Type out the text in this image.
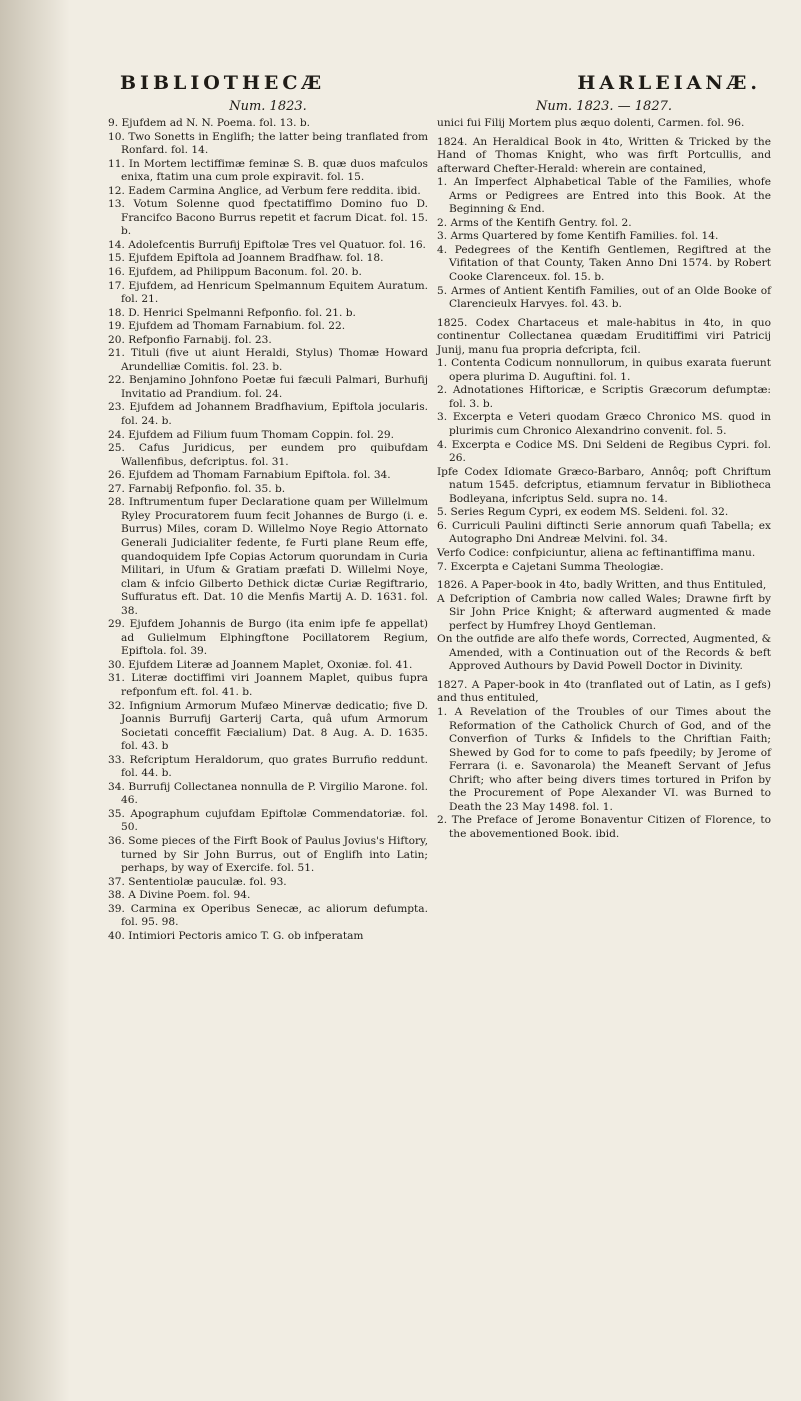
BIBLIOTHECÆ	HARLEIANÆ.
Num. 1823.

9. Ejufdem ad N. N. Poema. fol. 13. b.

10. Two Sonetts in Englifh; the latter being tranflated from Ronfard. fol. 14.

11. In Mortem lectiffimæ feminæ S. B. quæ duos mafculos enixa, ftatim una cum prole expiravit. fol. 15.

12. Eadem Carmina Anglice, ad Verbum fere reddita. ibid.

13. Votum Solenne quod fpectatiffimo Domino fuo D. Francifco Bacono Burrus repetit et facrum Dicat. fol. 15. b.

14. Adolefcentis Burrufij Epiftolæ Tres vel Quatuor. fol. 16.

15. Ejufdem Epiftola ad Joannem Bradfhaw. fol. 18.

16. Ejufdem, ad Philippum Baconum. fol. 20. b.

17. Ejufdem, ad Henricum Spelmannum Equitem Auratum. fol. 21.

18. D. Henrici Spelmanni Refponfio. fol. 21. b.

19. Ejufdem ad Thomam Farnabium. fol. 22.

20. Refponfio Farnabij. fol. 23.

21. Tituli (five ut aiunt Heraldi, Stylus) Thomæ Howard Arundelliæ Comitis. fol. 23. b.

22. Benjamino Johnfono Poetæ fui fæculi Palmari, Burhufij Invitatio ad Prandium. fol. 24.

23. Ejufdem ad Johannem Bradfhavium, Epiftola jocularis. fol. 24. b.

24. Ejufdem ad Filium fuum Thomam Coppin. fol. 29.

25. Cafus Juridicus, per eundem pro quibufdam Wallenfibus, defcriptus. fol. 31.

26. Ejufdem ad Thomam Farnabium Epiftola. fol. 34.

27. Farnabij Refponfio. fol. 35. b.

28. Inftrumentum fuper Declaratione quam per Willelmum Ryley Procuratorem fuum fecit Johannes de Burgo (i. e. Burrus) Miles, coram D. Willelmo Noye Regio Attornato Generali Judicialiter fedente, fe Furti plane Reum effe, quandoquidem Ipfe Copias Actorum quorundam in Curia Militari, in Ufum & Gratiam præfati D. Willelmi Noye, clam & infcio Gilberto Dethick dictæ Curiæ Regiftrario, Suffuratus eft. Dat. 10 die Menfis Martij A. D. 1631. fol. 38.

29. Ejufdem Johannis de Burgo (ita enim ipfe fe appellat) ad Gulielmum Elphingftone Pocillatorem Regium, Epiftola. fol. 39.

30. Ejufdem Literæ ad Joannem Maplet, Oxoniæ. fol. 41.

31. Literæ doctiffimi viri Joannem Maplet, quibus fupra refponfum eft. fol. 41. b.

32. Infignium Armorum Mufæo Minervæ dedicatio; five D. Joannis Burrufij Garterij Carta, quâ ufum Armorum Societati conceffit Fæcialium) Dat. 8 Aug. A. D. 1635. fol. 43. b

33. Refcriptum Heraldorum, quo grates Burrufio reddunt. fol. 44. b.

34. Burrufij Collectanea nonnulla de P. Virgilio Marone. fol. 46.

35. Apographum cujufdam Epiftolæ Commendatoriæ. fol. 50.

36. Some pieces of the Firft Book of Paulus Jovius's Hiftory, turned by Sir John Burrus, out of Englifh into Latin; perhaps, by way of Exercife. fol. 51.

37. Sententiolæ pauculæ. fol. 93.

38. A Divine Poem. fol. 94.

39. Carmina ex Operibus Senecæ, ac aliorum defumpta. fol. 95. 98.

40. Intimiori Pectoris amico T. G. ob infperatam

Num. 1823. — 1827.

unici fui Filij Mortem plus æquo dolenti, Carmen. fol. 96.

1824. An Heraldical Book in 4to, Written & Tricked by the Hand of Thomas Knight, who was firft Portcullis, and afterward Chefter-Herald: wherein are contained,

1. An Imperfect Alphabetical Table of the Families, whofe Arms or Pedigrees are Entred into this Book. At the Beginning & End.

2. Arms of the Kentifh Gentry. fol. 2.

3. Arms Quartered by fome Kentifh Families. fol. 14.

4. Pedegrees of the Kentifh Gentlemen, Regiftred at the Vifitation of that County, Taken Anno Dni 1574. by Robert Cooke Clarenceux. fol. 15. b.

5. Armes of Antient Kentifh Families, out of an Olde Booke of Clarencieulx Harvyes. fol. 43. b.

1825. Codex Chartaceus et male-habitus in 4to, in quo continentur Collectanea quædam Eruditiffimi viri Patricij Junij, manu fua propria defcripta, fcil.

1. Contenta Codicum nonnullorum, in quibus exarata fuerunt opera plurima D. Auguftini. fol. 1.

2. Adnotationes Hiftoricæ, e Scriptis Græcorum defumptæ: fol. 3. b.

3. Excerpta e Veteri quodam Græco Chronico MS. quod in plurimis cum Chronico Alexandrino convenit. fol. 5.

4. Excerpta e Codice MS. Dni Seldeni de Regibus Cypri. fol. 26.

Ipfe Codex Idiomate Græco-Barbaro, Annôq; poft Chriftum natum 1545. defcriptus, etiamnum fervatur in Bibliotheca Bodleyana, infcriptus Seld. supra no. 14.

5. Series Regum Cypri, ex eodem MS. Seldeni. fol. 32.

6. Curriculi Paulini diftincti Serie annorum quafi Tabella; ex Autographo Dni Andreæ Melvini. fol. 34.

Verfo Codice: confpiciuntur, aliena ac feftinantiffima manu.

7. Excerpta e Cajetani Summa Theologiæ.

1826. A Paper-book in 4to, badly Written, and thus Entituled,

A Defcription of Cambria now called Wales; Drawne firft by Sir John Price Knight; & afterward augmented & made perfect by Humfrey Lhoyd Gentleman.

On the outfide are alfo thefe words, Corrected, Augmented, & Amended, with a Continuation out of the Records & beft Approved Authours by David Powell Doctor in Divinity.

1827. A Paper-book in 4to (tranflated out of Latin, as I gefs) and thus entituled,

1. A Revelation of the Troubles of our Times about the Reformation of the Catholick Church of God, and of the Converfion of Turks & Infidels to the Chriftian Faith; Shewed by God for to come to pafs fpeedily; by Jerome of Ferrara (i. e. Savonarola) the Meaneft Servant of Jefus Chrift; who after being divers times tortured in Prifon by the Procurement of Pope Alexander VI. was Burned to Death the 23 May 1498. fol. 1.

2. The Preface of Jerome Bonaventur Citizen of Florence, to the abovementioned Book. ibid.
